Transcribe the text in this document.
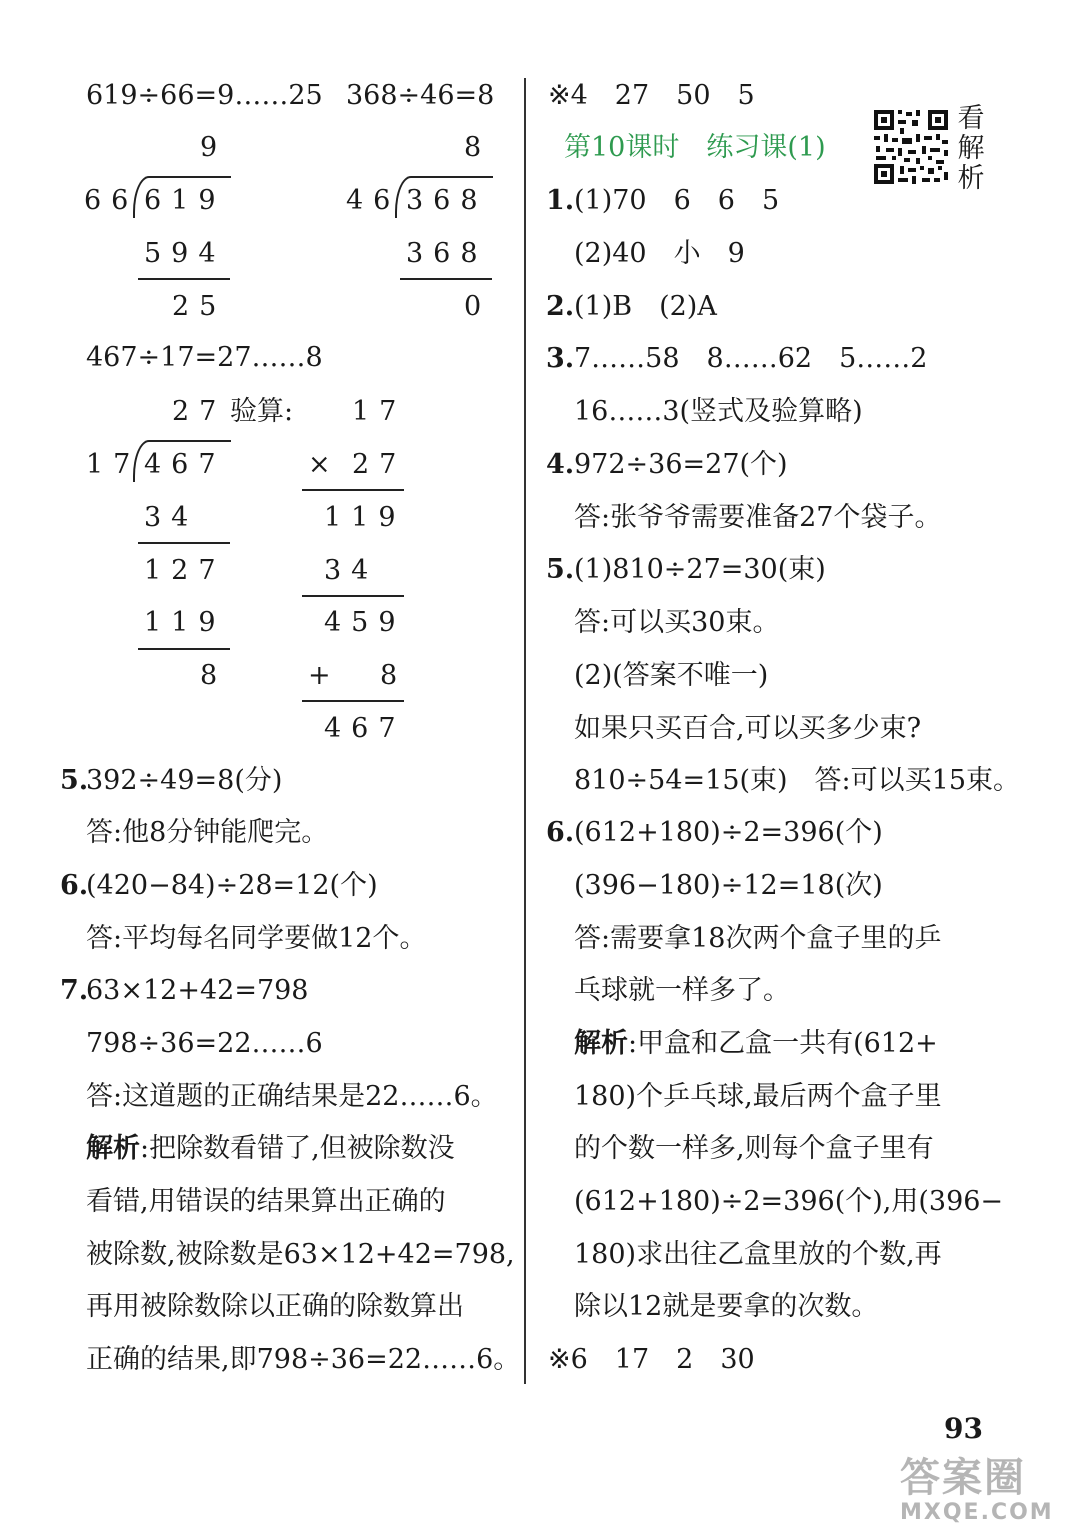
619÷66=9……25 368÷46=8
9
66 619
594
25
8
46 368
368
0
467÷17=27……8
27 验算:
17 467
34
127
119
8
17
× 27
119
34
459
+ 8
467
5.
392÷49=8(分)
答:他8分钟能爬完。
6.
(420−84)÷28=12(个)
答:平均每名同学要做12个。
7.
63×12+42=798
798÷36=22……6
答:这道题的正确结果是22……6。
解析:把除数看错了,但被除数没
看错,用错误的结果算出正确的
被除数,被除数是63×12+42=798,
再用被除数除以正确的除数算出
正确的结果,即798÷36=22……6。
※4　27　50　5
第10课时　练习课(1)
看
解
析
1. (1)70　6　6　5
(2)40　小　9
2. (1)B　(2)A
3. 7……58　8……62　5……2
16……3(竖式及验算略)
4. 972÷36=27(个)
答:张爷爷需要准备27个袋子。
5. (1)810÷27=30(束)
答:可以买30束。
(2)(答案不唯一)
如果只买百合,可以买多少束?
810÷54=15(束)　答:可以买15束。
6. (612+180)÷2=396(个)
(396−180)÷12=18(次)
答:需要拿18次两个盒子里的乒
乓球就一样多了。
解析:甲盒和乙盒一共有(612+
180)个乒乓球,最后两个盒子里
的个数一样多,则每个盒子里有
(612+180)÷2=396(个),用(396−
180)求出往乙盒里放的个数,再
除以12就是要拿的次数。
※6　17　2　30
93
答案圈
MXQE.COM
